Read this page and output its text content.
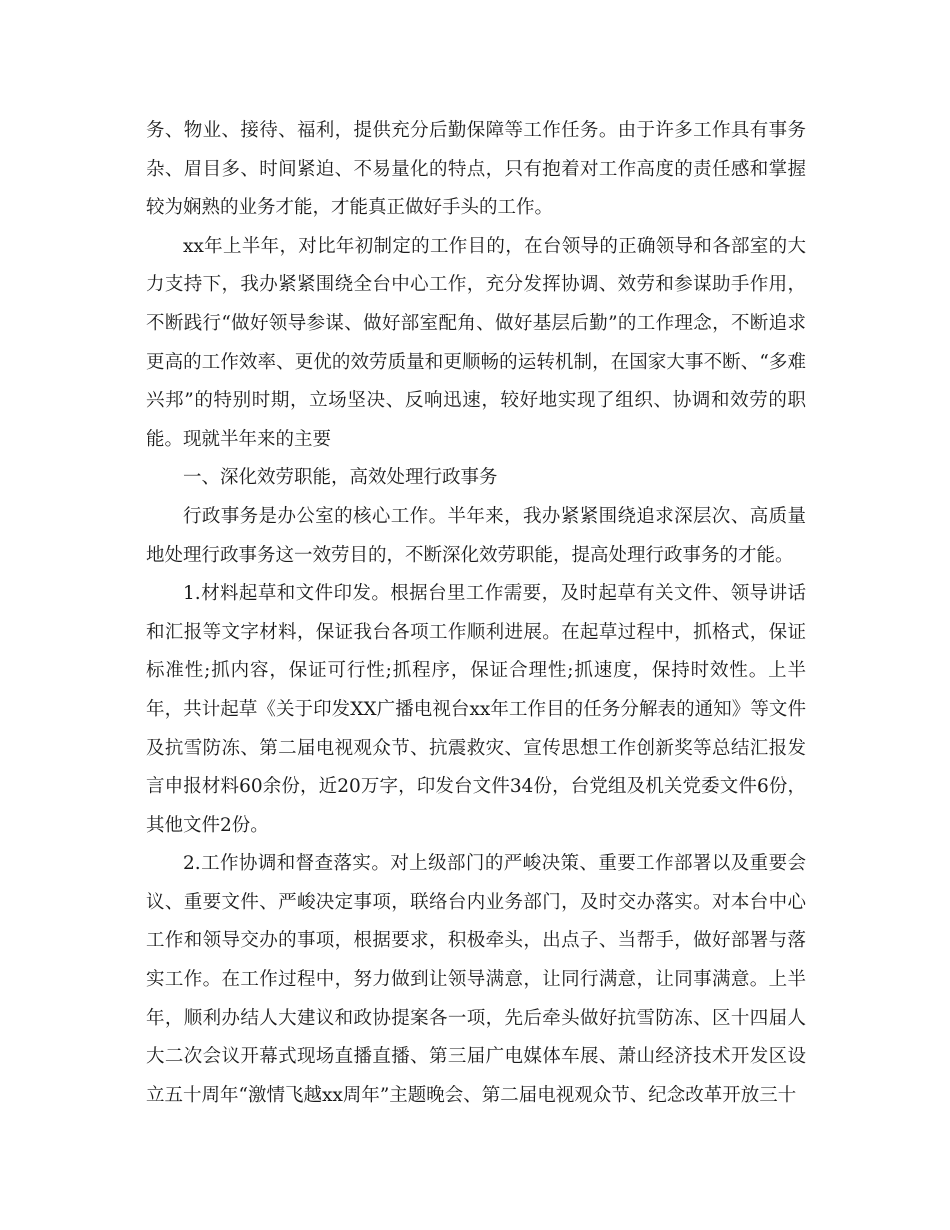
务、物业、接待、福利，提供充分后勤保障等工作任务。由于许多工作具有事务杂、眉目多、时间紧迫、不易量化的特点，只有抱着对工作高度的责任感和掌握较为娴熟的业务才能，才能真正做好手头的工作。

xx年上半年，对比年初制定的工作目的，在台领导的正确领导和各部室的大力支持下，我办紧紧围绕全台中心工作，充分发挥协调、效劳和参谋助手作用，不断践行“做好领导参谋、做好部室配角、做好基层后勤”的工作理念，不断追求更高的工作效率、更优的效劳质量和更顺畅的运转机制，在国家大事不断、“多难兴邦”的特别时期，立场坚决、反响迅速，较好地实现了组织、协调和效劳的职能。现就半年来的主要

一、深化效劳职能，高效处理行政事务

行政事务是办公室的核心工作。半年来，我办紧紧围绕追求深层次、高质量地处理行政事务这一效劳目的，不断深化效劳职能，提高处理行政事务的才能。

1.材料起草和文件印发。根据台里工作需要，及时起草有关文件、领导讲话和汇报等文字材料，保证我台各项工作顺利进展。在起草过程中，抓格式，保证标准性;抓内容，保证可行性;抓程序，保证合理性;抓速度，保持时效性。上半年，共计起草《关于印发XX广播电视台xx年工作目的任务分解表的通知》等文件及抗雪防冻、第二届电视观众节、抗震救灾、宣传思想工作创新奖等总结汇报发言申报材料60余份，近20万字，印发台文件34份，台党组及机关党委文件6份，其他文件2份。

2.工作协调和督查落实。对上级部门的严峻决策、重要工作部署以及重要会议、重要文件、严峻决定事项，联络台内业务部门，及时交办落实。对本台中心工作和领导交办的事项，根据要求，积极牵头，出点子、当帮手，做好部署与落实工作。在工作过程中，努力做到让领导满意，让同行满意，让同事满意。上半年，顺利办结人大建议和政协提案各一项，先后牵头做好抗雪防冻、区十四届人大二次会议开幕式现场直播直播、第三届广电媒体车展、萧山经济技术开发区设立五十周年“激情飞越xx周年”主题晚会、第二届电视观众节、纪念改革开放三十
